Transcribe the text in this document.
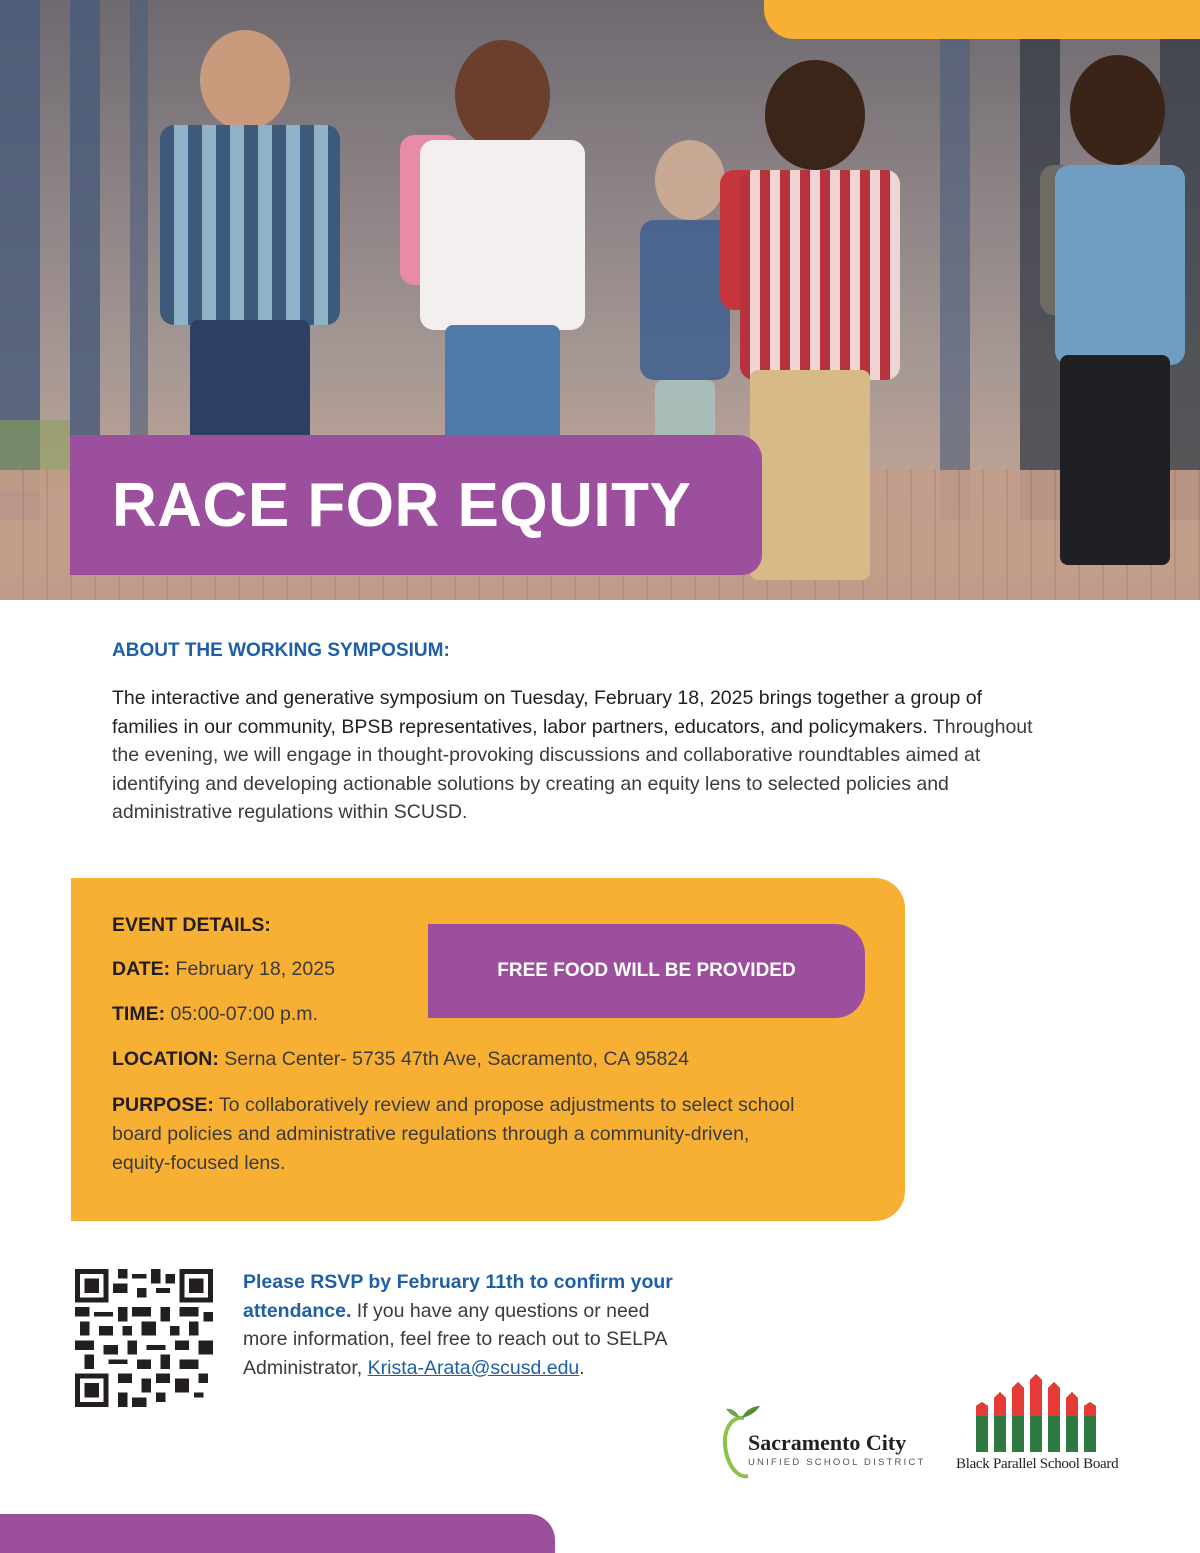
RACE FOR EQUITY
ABOUT THE WORKING SYMPOSIUM:

The interactive and generative symposium on Tuesday, February 18, 2025 brings together a group of families in our community, BPSB representatives, labor partners, educators, and policymakers. Throughout the evening, we will engage in thought-provoking discussions and collaborative roundtables aimed at identifying and developing actionable solutions by creating an equity lens to selected policies and administrative regulations within SCUSD.

EVENT DETAILS:
DATE: February 18, 2025
TIME: 05:00-07:00 p.m.
LOCATION: Serna Center- 5735 47th Ave, Sacramento, CA 95824
PURPOSE: To collaboratively review and propose adjustments to select school board policies and administrative regulations through a community-driven, equity-focused lens.
FREE FOOD WILL BE PROVIDED
Please RSVP by February 11th to confirm your attendance. If you have any questions or need more information, feel free to reach out to SELPA Administrator, Krista-Arata@scusd.edu.
Sacramento City
UNIFIED SCHOOL DISTRICT Black Parallel School Board
